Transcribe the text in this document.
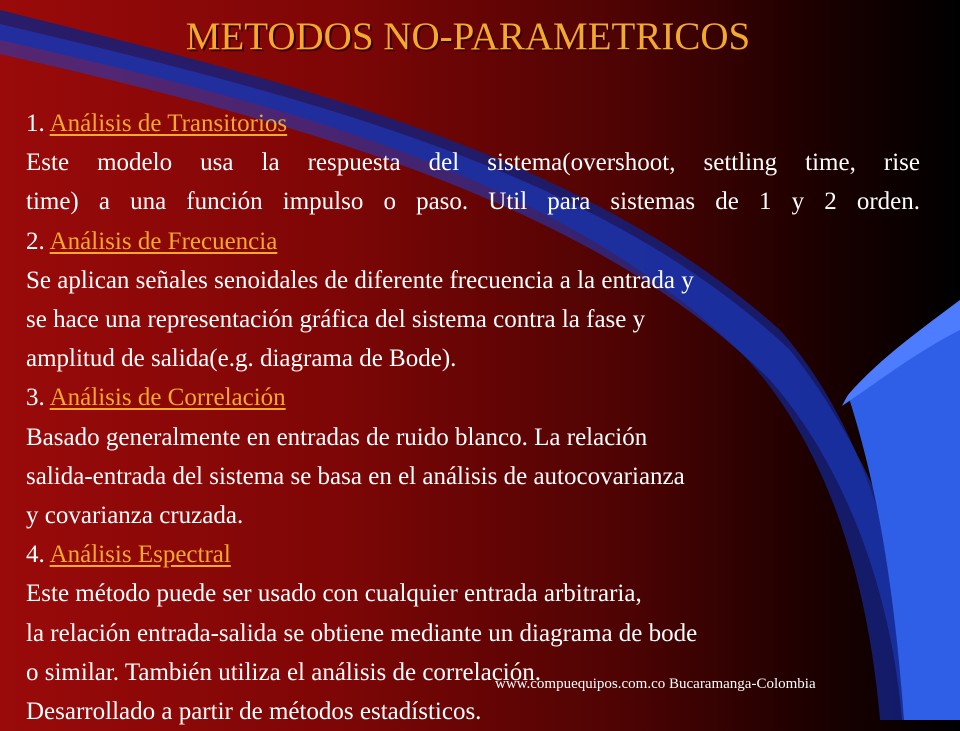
METODOS NO-PARAMETRICOS
1. Análisis de Transitorios
Este modelo usa la respuesta del sistema(overshoot, settling time, rise
time) a una función impulso o paso. Util para sistemas de 1 y 2 orden.
2. Análisis de Frecuencia
Se aplican señales senoidales de diferente frecuencia a la entrada y
se hace una representación gráfica del sistema contra la fase y
amplitud de salida(e.g. diagrama de Bode).
3. Análisis de Correlación
Basado generalmente en entradas de ruido blanco. La relación
salida-entrada del sistema se basa en el análisis de autocovarianza
y covarianza cruzada.
4. Análisis Espectral
Este método puede ser usado con cualquier entrada arbitraria,
la relación entrada-salida se obtiene mediante un diagrama de bode
o similar. También utiliza el análisis de correlación.
Desarrollado a partir de métodos estadísticos.
www.compuequipos.com.co Bucaramanga-Colombia
